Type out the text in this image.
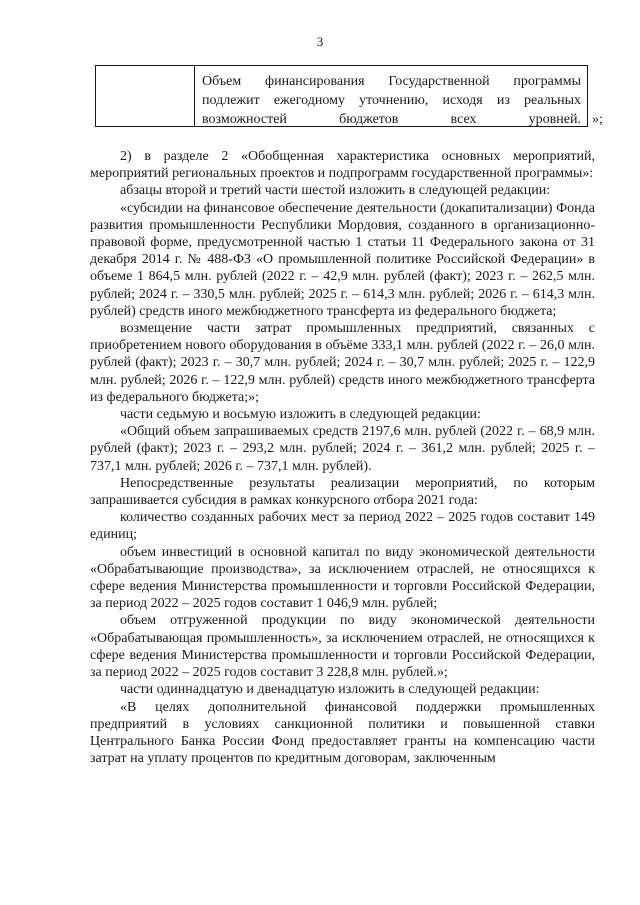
3
Объем финансирования Государственной программы подлежит ежегодному уточнению, исходя из реальных возможностей бюджетов всех уровней. »;

2) в разделе 2 «Обобщенная характеристика основных мероприятий, мероприятий региональных проектов и подпрограмм государственной программы»:

абзацы второй и третий части шестой изложить в следующей редакции:

«субсидии на финансовое обеспечение деятельности (докапитализации) Фонда развития промышленности Республики Мордовия, созданного в организационно-правовой форме, предусмотренной частью 1 статьи 11 Федерального закона от 31 декабря 2014 г. № 488-ФЗ «О промышленной политике Российской Федерации» в объеме 1 864,5 млн. рублей (2022 г. – 42,9 млн. рублей (факт); 2023 г. – 262,5 млн. рублей; 2024 г. – 330,5 млн. рублей; 2025 г. – 614,3 млн. рублей; 2026 г. – 614,3 млн. рублей) средств иного межбюджетного трансферта из федерального бюджета;

возмещение части затрат промышленных предприятий, связанных с приобретением нового оборудования в объёме 333,1 млн. рублей (2022 г. – 26,0 млн. рублей (факт); 2023 г. – 30,7 млн. рублей; 2024 г. – 30,7 млн. рублей; 2025 г. – 122,9 млн. рублей; 2026 г. – 122,9 млн. рублей) средств иного межбюджетного трансферта из федерального бюджета;»;

части седьмую и восьмую изложить в следующей редакции:

«Общий объем запрашиваемых средств 2197,6 млн. рублей (2022 г. – 68,9 млн. рублей (факт); 2023 г. – 293,2 млн. рублей; 2024 г. – 361,2 млн. рублей; 2025 г. – 737,1 млн. рублей; 2026 г. – 737,1 млн. рублей).

Непосредственные результаты реализации мероприятий, по которым запрашивается субсидия в рамках конкурсного отбора 2021 года:

количество созданных рабочих мест за период 2022 – 2025 годов составит 149 единиц;

объем инвестиций в основной капитал по виду экономической деятельности «Обрабатывающие производства», за исключением отраслей, не относящихся к сфере ведения Министерства промышленности и торговли Российской Федерации, за период 2022 – 2025 годов составит 1 046,9 млн. рублей;

объем отгруженной продукции по виду экономической деятельности «Обрабатывающая промышленность», за исключением отраслей, не относящихся к сфере ведения Министерства промышленности и торговли Российской Федерации, за период 2022 – 2025 годов составит 3 228,8 млн. рублей.»;

части одиннадцатую и двенадцатую изложить в следующей редакции:

«В целях дополнительной финансовой поддержки промышленных предприятий в условиях санкционной политики и повышенной ставки Центрального Банка России Фонд предоставляет гранты на компенсацию части затрат на уплату процентов по кредитным договорам, заключенным
